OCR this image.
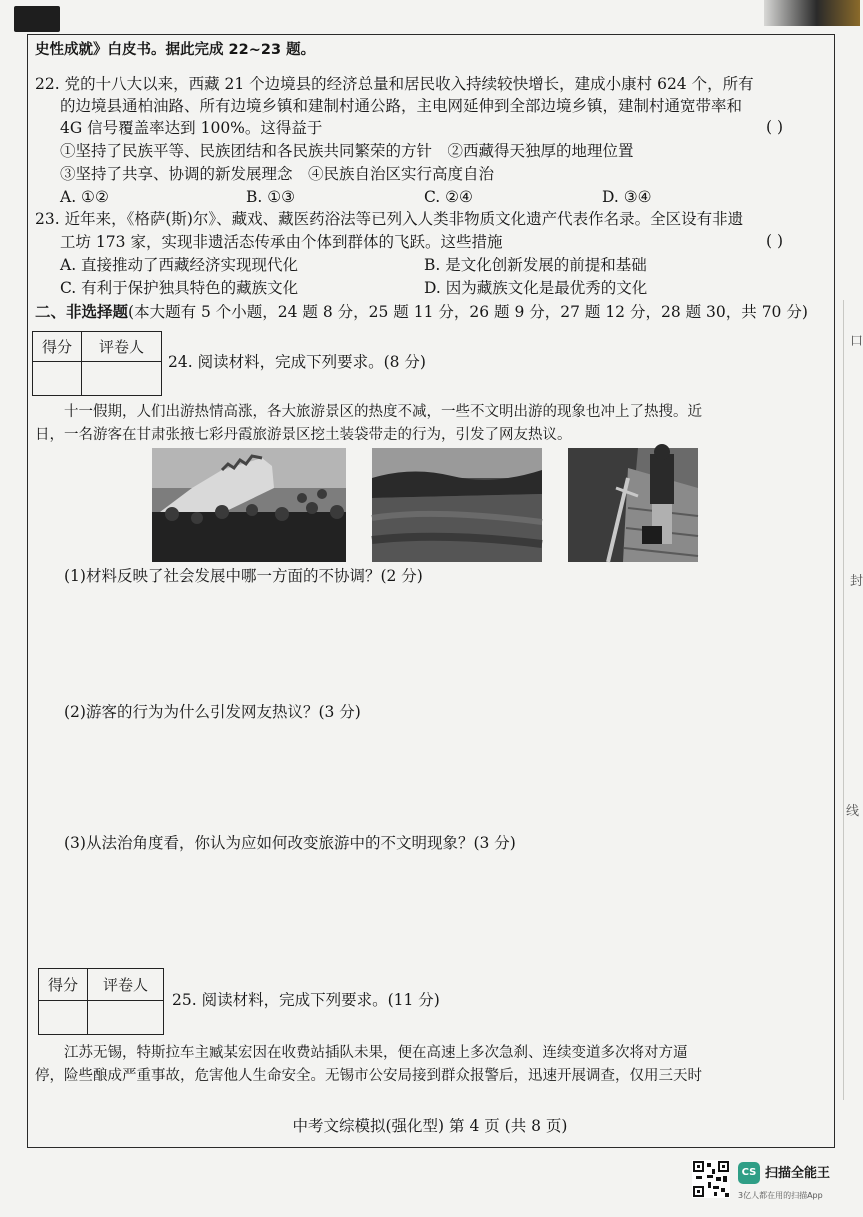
口
封
线
史性成就》白皮书。据此完成 22~23 题。
22. 党的十八大以来，西藏 21 个边境县的经济总量和居民收入持续较快增长，建成小康村 624 个，所有
的边境县通柏油路、所有边境乡镇和建制村通公路，主电网延伸到全部边境乡镇，建制村通宽带率和
4G 信号覆盖率达到 100%。这得益于	( )
①坚持了民族平等、民族团结和各民族共同繁荣的方针　②西藏得天独厚的地理位置
③坚持了共享、协调的新发展理念　④民族自治区实行高度自治
A. ①②	B. ①③	C. ②④	D. ③④
23. 近年来，《格萨(斯)尔》、藏戏、藏医药浴法等已列入人类非物质文化遗产代表作名录。全区设有非遗
工坊 173 家，实现非遗活态传承由个体到群体的飞跃。这些措施	( )
A. 直接推动了西藏经济实现现代化	B. 是文化创新发展的前提和基础
C. 有利于保护独具特色的藏族文化	D. 因为藏族文化是最优秀的文化
二、非选择题(本大题有 5 个小题，24 题 8 分，25 题 11 分，26 题 9 分，27 题 12 分，28 题 30，共 70 分)
得分	评卷人

24. 阅读材料，完成下列要求。(8 分)
　　十一假期，人们出游热情高涨，各大旅游景区的热度不减，一些不文明出游的现象也冲上了热搜。近
日，一名游客在甘肃张掖七彩丹霞旅游景区挖土装袋带走的行为，引发了网友热议。
(1)材料反映了社会发展中哪一方面的不协调？(2 分)
(2)游客的行为为什么引发网友热议？(3 分)
(3)从法治角度看，你认为应如何改变旅游中的不文明现象？(3 分)
得分	评卷人

25. 阅读材料，完成下列要求。(11 分)
　　江苏无锡，特斯拉车主臧某宏因在收费站插队未果，便在高速上多次急刹、连续变道多次将对方逼
停，险些酿成严重事故，危害他人生命安全。无锡市公安局接到群众报警后，迅速开展调查，仅用三天时
中考文综模拟(强化型) 第 4 页 (共 8 页)
CS 扫描全能王
3亿人都在用的扫描App
